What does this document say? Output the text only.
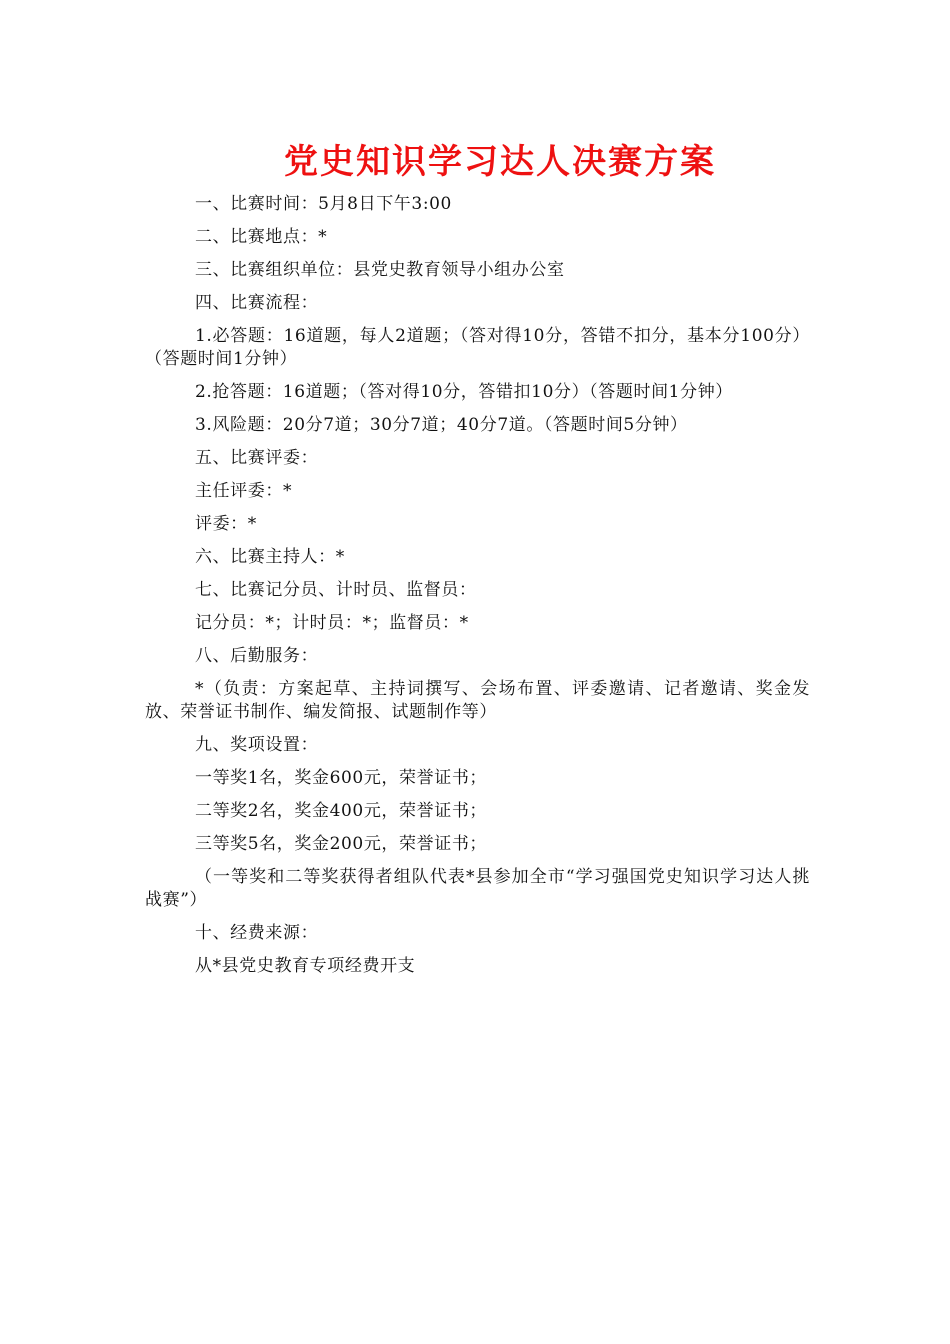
党史知识学习达人决赛方案

一、比赛时间：5月8日下午3:00

二、比赛地点：*

三、比赛组织单位：县党史教育领导小组办公室

四、比赛流程：

1.必答题：16道题，每人2道题；（答对得10分，答错不扣分，基本分100分）（答题时间1分钟）

2.抢答题：16道题；（答对得10分，答错扣10分）（答题时间1分钟）

3.风险题：20分7道；30分7道；40分7道。（答题时间5分钟）

五、比赛评委：

主任评委：*

评委：*

六、比赛主持人：*

七、比赛记分员、计时员、监督员：

记分员：*；计时员：*；监督员：*

八、后勤服务：

*（负责：方案起草、主持词撰写、会场布置、评委邀请、记者邀请、奖金发放、荣誉证书制作、编发简报、试题制作等）

九、奖项设置：

一等奖1名，奖金600元，荣誉证书；

二等奖2名，奖金400元，荣誉证书；

三等奖5名，奖金200元，荣誉证书；

（一等奖和二等奖获得者组队代表*县参加全市“学习强国党史知识学习达人挑战赛”）

十、经费来源：

从*县党史教育专项经费开支
